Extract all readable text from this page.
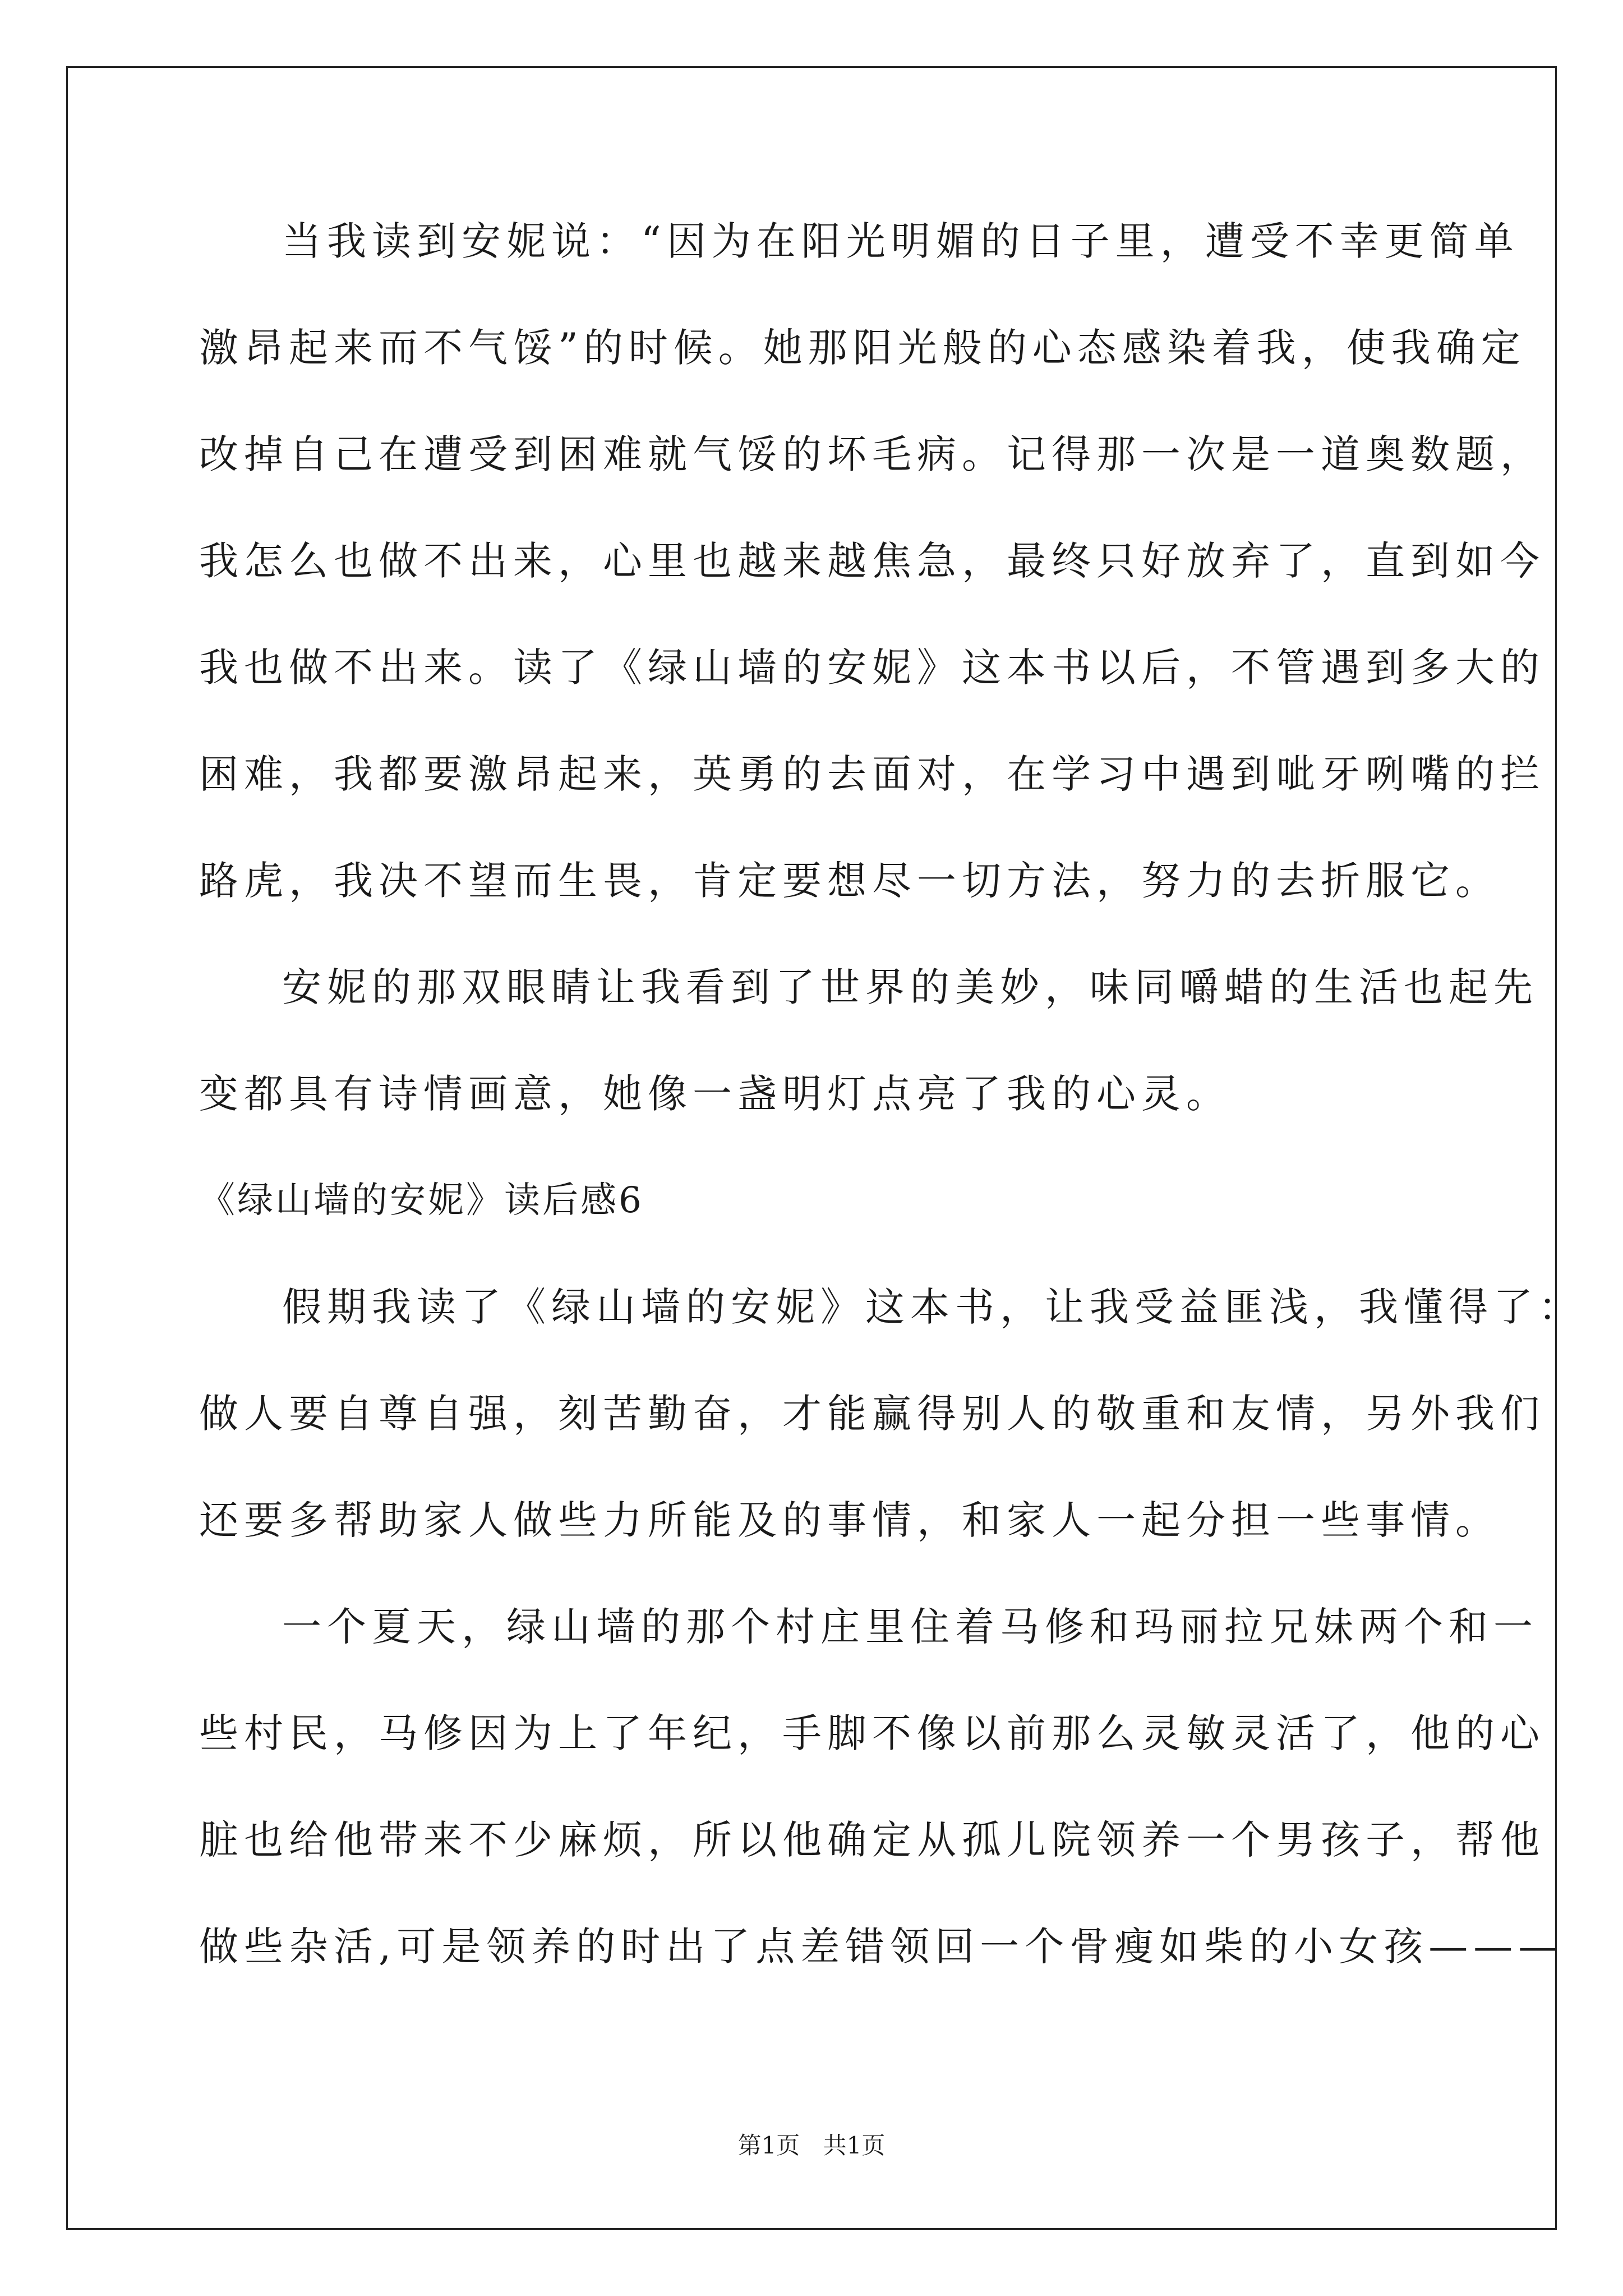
当我读到安妮说：“因为在阳光明媚的日子里，遭受不幸更简单
激昂起来而不气馁”的时候。她那阳光般的心态感染着我，使我确定
改掉自己在遭受到困难就气馁的坏毛病。记得那一次是一道奥数题，
我怎么也做不出来，心里也越来越焦急，最终只好放弃了，直到如今
我也做不出来。读了《绿山墙的安妮》这本书以后，不管遇到多大的
困难，我都要激昂起来，英勇的去面对，在学习中遇到呲牙咧嘴的拦
路虎，我决不望而生畏，肯定要想尽一切方法，努力的去折服它。
安妮的那双眼睛让我看到了世界的美妙，味同嚼蜡的生活也起先
变都具有诗情画意，她像一盏明灯点亮了我的心灵。
《绿山墙的安妮》读后感6
假期我读了《绿山墙的安妮》这本书，让我受益匪浅，我懂得了：
做人要自尊自强，刻苦勤奋，才能赢得别人的敬重和友情，另外我们
还要多帮助家人做些力所能及的事情，和家人一起分担一些事情。
一个夏天，绿山墙的那个村庄里住着马修和玛丽拉兄妹两个和一
些村民，马修因为上了年纪，手脚不像以前那么灵敏灵活了，他的心
脏也给他带来不少麻烦，所以他确定从孤儿院领养一个男孩子，帮他
做些杂活,可是领养的时出了点差错领回一个骨瘦如柴的小女孩———
第1页 共1页
